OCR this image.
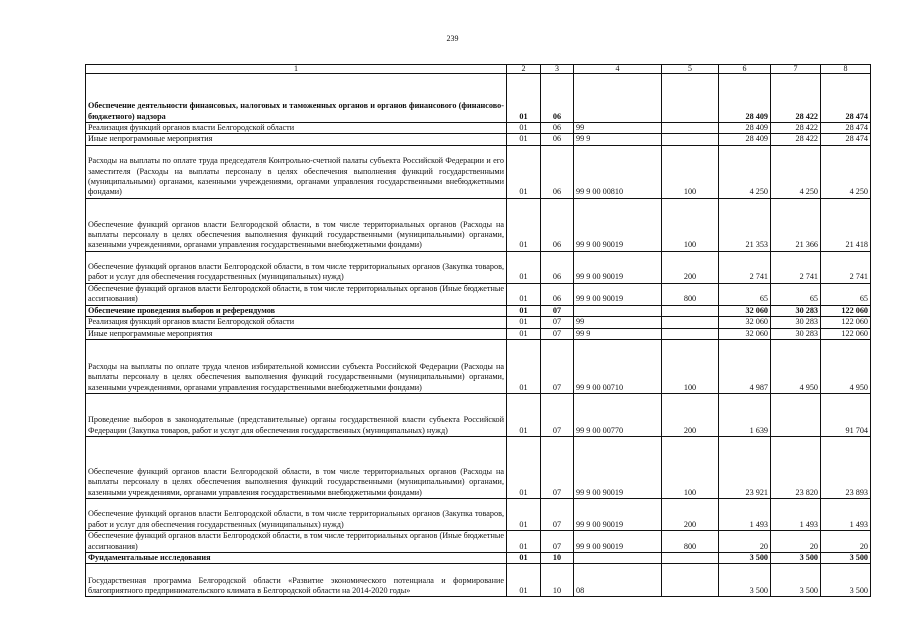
239
1	2	3	4	5	6	7	8
Обеспечение деятельности финансовых, налоговых и таможенных органов и органов финансового (финансово-бюджетного) надзора	01	06			28 409	28 422	28 474
Реализация функций органов власти Белгородской области	01	06	99		28 409	28 422	28 474
Иные непрограммные мероприятия	01	06	99 9		28 409	28 422	28 474
Расходы на выплаты по оплате труда председателя Контрольно-счетной палаты субъекта Российской Федерации и его заместителя (Расходы на выплаты персоналу в целях обеспечения выполнения функций государственными (муниципальными) органами, казенными учреждениями, органами управления государственными внебюджетными фондами)	01	06	99 9 00 00810	100	4 250	4 250	4 250
Обеспечение функций органов власти Белгородской области, в том числе территориальных органов (Расходы на выплаты персоналу в целях обеспечения выполнения функций государственными (муниципальными) органами, казенными учреждениями, органами управления государственными внебюджетными фондами)	01	06	99 9 00 90019	100	21 353	21 366	21 418
Обеспечение функций органов власти Белгородской области, в том числе территориальных органов (Закупка товаров, работ и услуг для обеспечения государственных (муниципальных) нужд)	01	06	99 9 00 90019	200	2 741	2 741	2 741
Обеспечение функций органов власти Белгородской области, в том числе территориальных органов (Иные бюджетные ассигнования)	01	06	99 9 00 90019	800	65	65	65
Обеспечение проведения выборов и референдумов	01	07			32 060	30 283	122 060
Реализация функций органов власти Белгородской области	01	07	99		32 060	30 283	122 060
Иные непрограммные мероприятия	01	07	99 9		32 060	30 283	122 060
Расходы на выплаты по оплате труда членов избирательной комиссии субъекта Российской Федерации (Расходы на выплаты персоналу в целях обеспечения выполнения функций государственными (муниципальными) органами, казенными учреждениями, органами управления государственными внебюджетными фондами)	01	07	99 9 00 00710	100	4 987	4 950	4 950
Проведение выборов в законодательные (представительные) органы государственной власти субъекта Российской Федерации (Закупка товаров, работ и услуг для обеспечения государственных (муниципальных) нужд)	01	07	99 9 00 00770	200	1 639		91 704
Обеспечение функций органов власти Белгородской области, в том числе территориальных органов (Расходы на выплаты персоналу в целях обеспечения выполнения функций государственными (муниципальными) органами, казенными учреждениями, органами управления государственными внебюджетными фондами)	01	07	99 9 00 90019	100	23 921	23 820	23 893
Обеспечение функций органов власти Белгородской области, в том числе территориальных органов (Закупка товаров, работ и услуг для обеспечения государственных (муниципальных) нужд)	01	07	99 9 00 90019	200	1 493	1 493	1 493
Обеспечение функций органов власти Белгородской области, в том числе территориальных органов (Иные бюджетные ассигнования)	01	07	99 9 00 90019	800	20	20	20
Фундаментальные исследования	01	10			3 500	3 500	3 500
Государственная программа Белгородской области «Развитие экономического потенциала и формирование благоприятного предпринимательского климата в Белгородской области на 2014-2020 годы»	01	10	08		3 500	3 500	3 500
